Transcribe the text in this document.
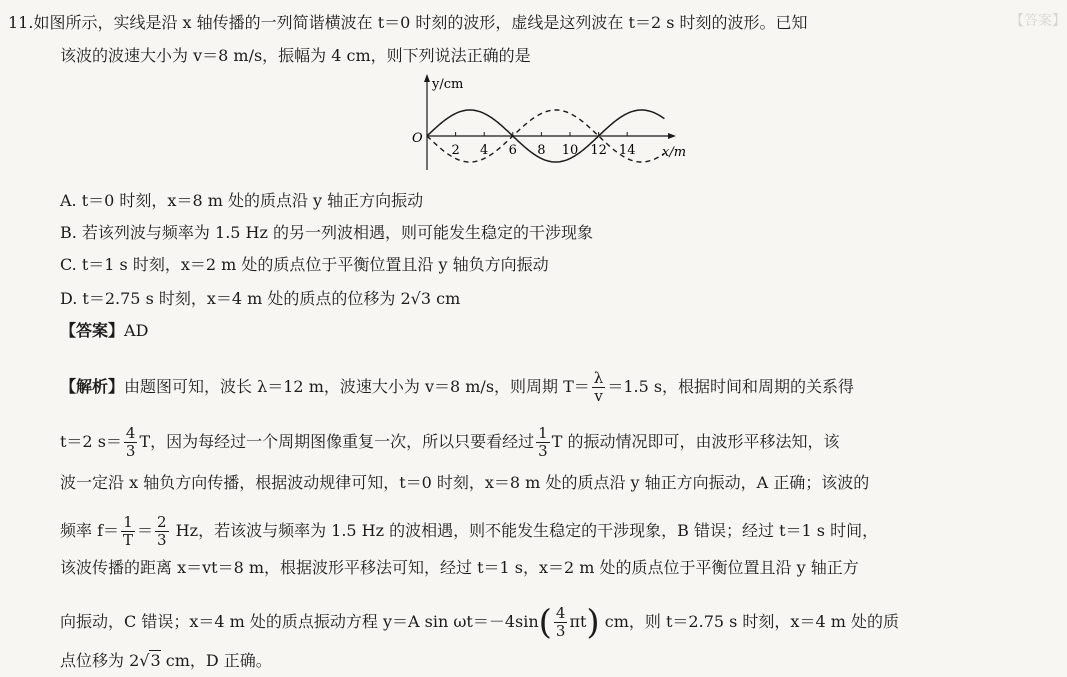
【答案】
11.如图所示，实线是沿 x 轴传播的一列简谐横波在 t＝0 时刻的波形，虚线是这列波在 t＝2 s 时刻的波形。已知
该波的波速大小为 v＝8 m/s，振幅为 4 cm，则下列说法正确的是
y/cm
x/m
O
2 4 6 8 10 12 14
A. t＝0 时刻，x＝8 m 处的质点沿 y 轴正方向振动
B. 若该列波与频率为 1.5 Hz 的另一列波相遇，则可能发生稳定的干涉现象
C. t＝1 s 时刻，x＝2 m 处的质点位于平衡位置且沿 y 轴负方向振动
D. t＝2.75 s 时刻，x＝4 m 处的质点的位移为 2√3 cm
【答案】AD
【解析】由题图可知，波长 λ＝12 m，波速大小为 v＝8 m/s，则周期 $T= \frac{\lambda}{v} =1.5$ s，根据时间和周期的关系得
t＝2 $s= \frac{4}{3}$ T，因为每经过一个周期图像重复一次，所以只要看经过 $\frac{1}{3}$ T 的振动情况即可，由波形平移法知，该
波一定沿 x 轴负方向传播，根据波动规律可知，t＝0 时刻，x＝8 m 处的质点沿 y 轴正方向振动，A 正确；该波的
频率 $f= \frac{1}{T} = \frac{2}{3}$ Hz，若该波与频率为 1.5 Hz 的波相遇，则不能发生稳定的干涉现象，B 错误；经过 t＝1 s 时间，
该波传播的距离 x＝vt＝8 m，根据波形平移法可知，经过 t＝1 s，x＝2 m 处的质点位于平衡位置且沿 y 轴正方
向振动，C 错误；x＝4 m 处的质点振动方程 y＝A $\sin \omega t=-4\sin( \frac{4}{3} \pi t)$ cm，则 t＝2.75 s 时刻，x＝4 m 处的质
点位移为 2√3 cm，D 正确。
